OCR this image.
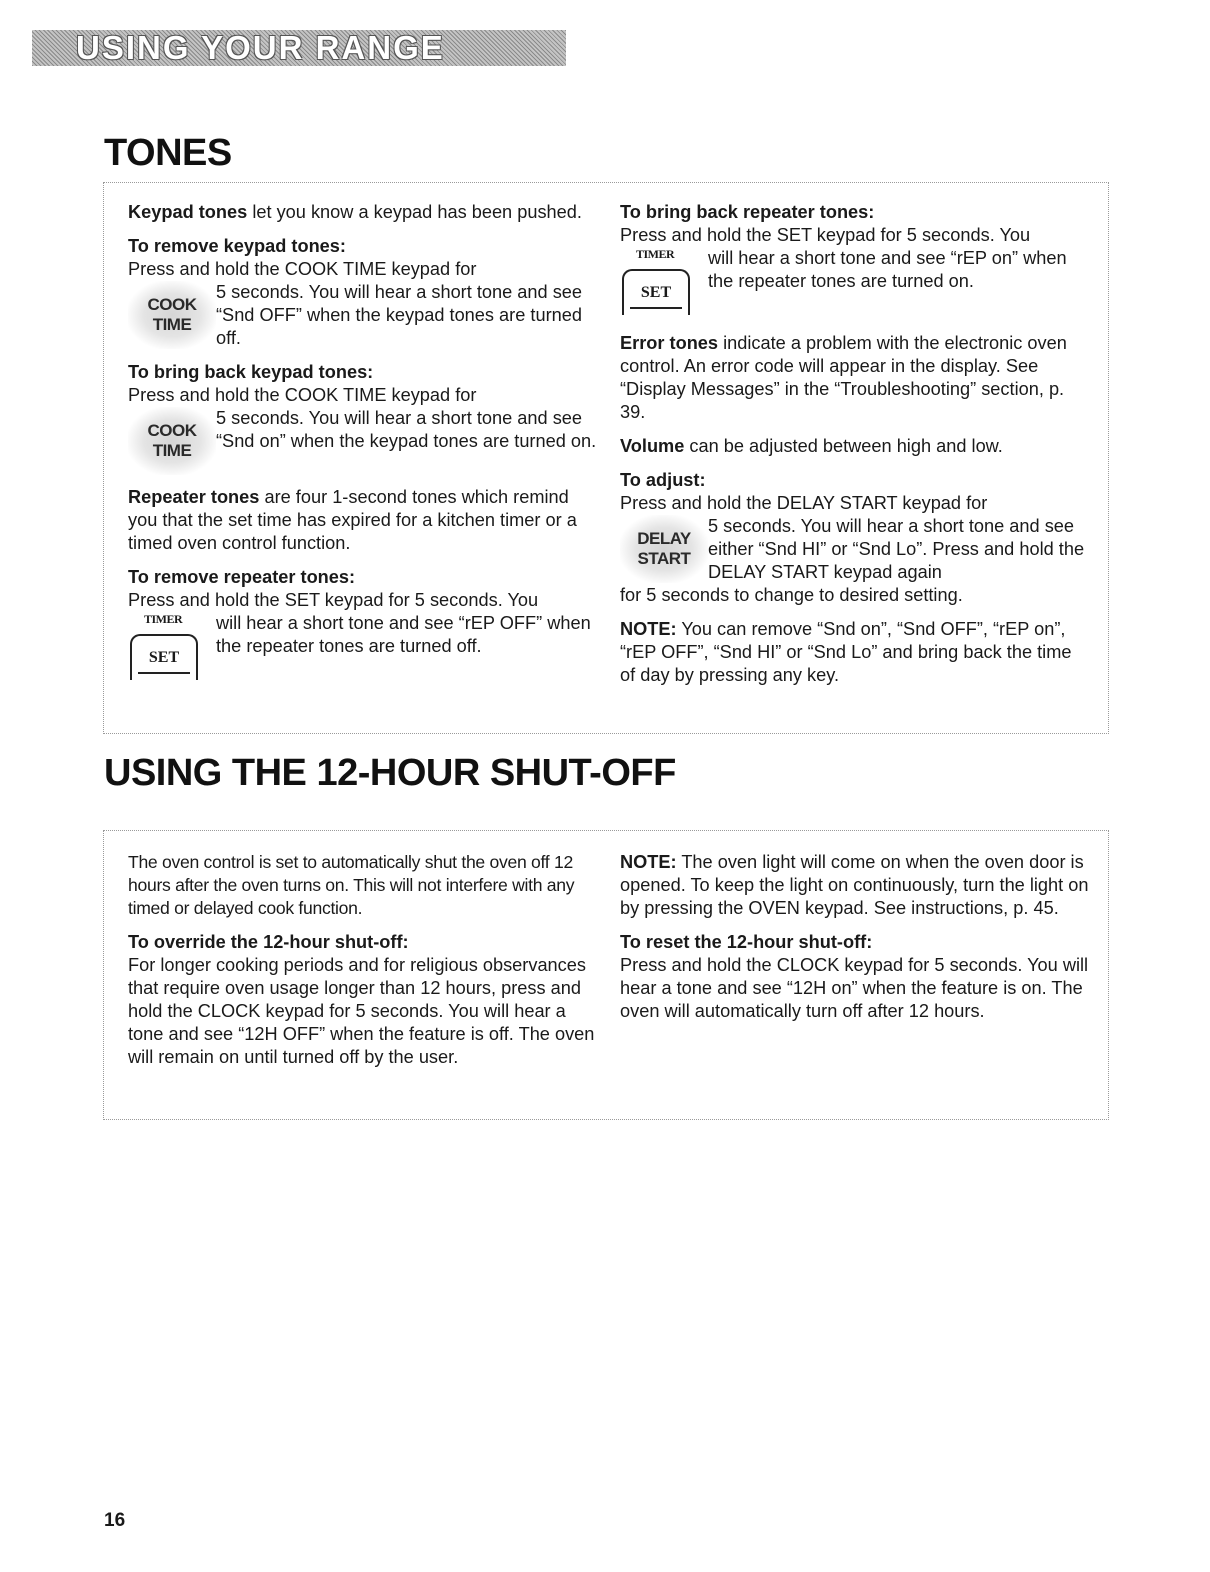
USING YOUR RANGE
TONES

Keypad tones let you know a keypad has been pushed.

To remove keypad tones:

Press and hold the COOK TIME keypad for

COOK
TIME
5 seconds. You will hear a short tone and see “Snd OFF” when the keypad tones are turned off.

To bring back keypad tones:

Press and hold the COOK TIME keypad for

COOK
TIME
5 seconds. You will hear a short tone and see “Snd on” when the keypad tones are turned on.

Repeater tones are four 1-second tones which remind you that the set time has expired for a kitchen timer or a timed oven control function.

To remove repeater tones:

Press and hold the SET keypad for 5 seconds. You

TIMER
SET
will hear a short tone and see “rEP OFF” when the repeater tones are turned off.

To bring back repeater tones:

Press and hold the SET keypad for 5 seconds. You

TIMER
SET
will hear a short tone and see “rEP on” when the repeater tones are turned on.

Error tones indicate a problem with the electronic oven control. An error code will appear in the display. See “Display Messages” in the “Troubleshooting” section, p. 39.

Volume can be adjusted between high and low.

To adjust:

Press and hold the DELAY START keypad for

DELAY
START
5 seconds. You will hear a short tone and see either “Snd HI” or “Snd Lo”. Press and hold the DELAY START keypad again

for 5 seconds to change to desired setting.

NOTE: You can remove “Snd on”, “Snd OFF”, “rEP on”, “rEP OFF”, “Snd HI” or “Snd Lo” and bring back the time of day by pressing any key.

USING THE 12-HOUR SHUT-OFF

The oven control is set to automatically shut the oven off 12 hours after the oven turns on. This will not interfere with any timed or delayed cook function.

To override the 12-hour shut-off:

For longer cooking periods and for religious observances that require oven usage longer than 12 hours, press and hold the CLOCK keypad for 5 seconds. You will hear a tone and see “12H OFF” when the feature is off. The oven will remain on until turned off by the user.

NOTE: The oven light will come on when the oven door is opened. To keep the light on continuously, turn the light on by pressing the OVEN keypad. See instructions, p. 45.

To reset the 12-hour shut-off:

Press and hold the CLOCK keypad for 5 seconds. You will hear a tone and see “12H on” when the feature is on. The oven will automatically turn off after 12 hours.

16
